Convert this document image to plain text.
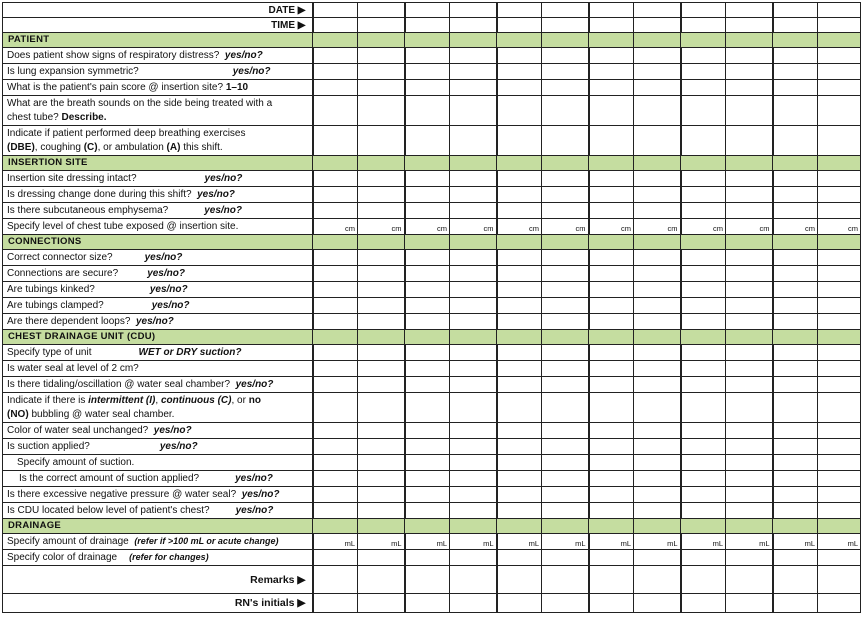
DATE ▶												
TIME ▶												
PATIENT												
Does patient show signs of respiratory distress? yes/no?												
Is lung expansion symmetric? yes/no?												
What is the patient's pain score @ insertion site? 1–10												
What are the breath sounds on the side being treated with a
chest tube? Describe.												
Indicate if patient performed deep breathing exercises
(DBE), coughing (C), or ambulation (A) this shift.												
INSERTION SITE												
Insertion site dressing intact? yes/no?												
Is dressing change done during this shift? yes/no?												
Is there subcutaneous emphysema? yes/no?												
Specify level of chest tube exposed @ insertion site.	cm	cm	cm	cm	cm	cm	cm	cm	cm	cm	cm	cm
CONNECTIONS												
Correct connector size? yes/no?												
Connections are secure? yes/no?												
Are tubings kinked? yes/no?												
Are tubings clamped? yes/no?												
Are there dependent loops? yes/no?												
CHEST DRAINAGE UNIT (CDU)												
Specify type of unit WET or DRY suction?												
Is water seal at level of 2 cm?												
Is there tidaling/oscillation @ water seal chamber? yes/no?												
Indicate if there is intermittent (I), continuous (C), or no
(NO) bubbling @ water seal chamber.												
Color of water seal unchanged? yes/no?												
Is suction applied? yes/no?												
Specify amount of suction.												
Is the correct amount of suction applied? yes/no?												
Is there excessive negative pressure @ water seal? yes/no?												
Is CDU located below level of patient's chest? yes/no?												
DRAINAGE												
Specify amount of drainage (refer if >100 mL or acute change)	mL	mL	mL	mL	mL	mL	mL	mL	mL	mL	mL	mL
Specify color of drainage (refer for changes)												
Remarks ▶												
RN's initials ▶												
